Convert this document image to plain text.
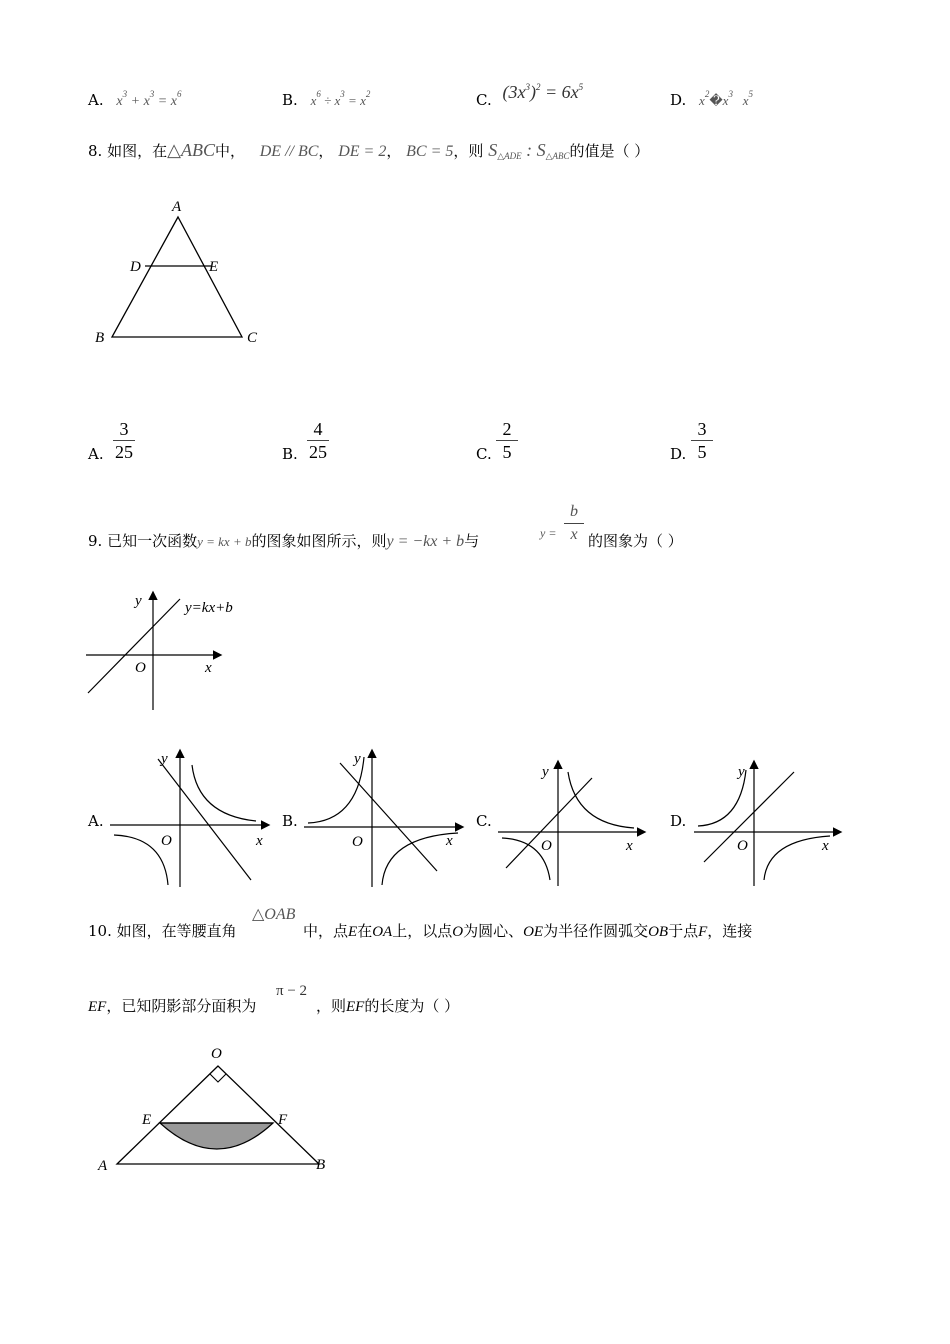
A. $x^3 + x^3 = x^6$	B. $x^6 \div x^3 = x^2$	C. $(3x^3)^2 = 6x^5$
D. $x^2�x^3$ $x^5$
8. 如图，在△ABC中， DE // BC， DE = 2， BC = 5，则 $S_{\triangle ADE}$ : $S_{\triangle ABC}$的值是（ ）
A
D	E
B	C
A.
3
25	B.
4
25	C.
2
5	D.
3
5
9. 已知一次函数y = kx + b的图象如图所示，则y = −kx + b与	y =
b
x 的图象为（ ）
y=kx+b
y
x
O
A.
y
x
O
B.
y
x
O
C.
y
x
O
D.
y
x
O
10. 如图，在等腰直角
△OAB
中，点E在OA上，以点O为圆心、OE为半径作圆弧交OB于点F，连接
EF，已知阴影部分面积为
π − 2
，则EF的长度为（ ）
O
E	F
A	B
